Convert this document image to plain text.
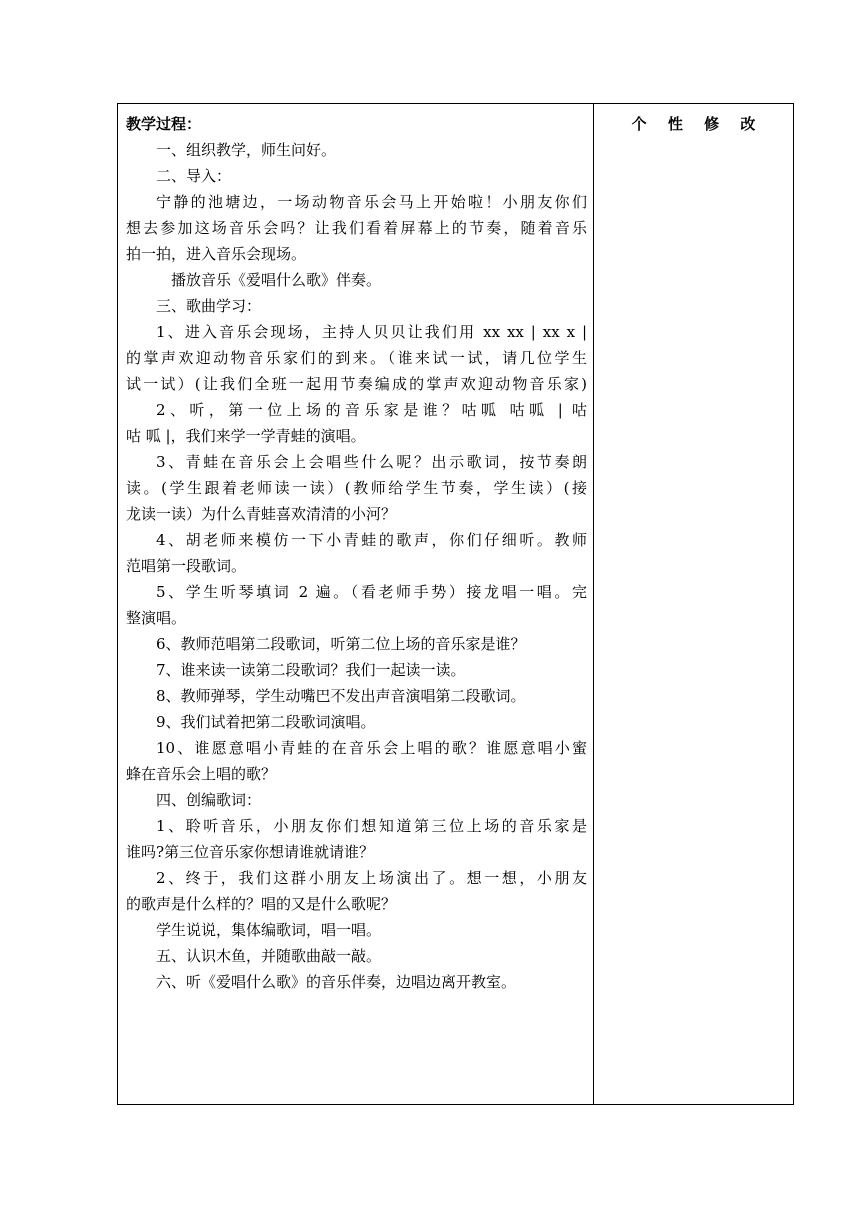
教学过程：
一、组织教学，师生问好。
二、导入：
宁静的池塘边，一场动物音乐会马上开始啦！小朋友你们
想去参加这场音乐会吗？让我们看着屏幕上的节奏，随着音乐
拍一拍，进入音乐会现场。
播放音乐《爱唱什么歌》伴奏。
三、歌曲学习：
1、进入音乐会现场，主持人贝贝让我们用 xx xx | xx x |
的掌声欢迎动物音乐家们的到来。（谁来试一试，请几位学生
试一试）(让我们全班一起用节奏编成的掌声欢迎动物音乐家)
2、听，第一位上场的音乐家是谁？咕呱 咕呱 | 咕
咕 呱 |，我们来学一学青蛙的演唱。
3、青蛙在音乐会上会唱些什么呢？出示歌词，按节奏朗
读。(学生跟着老师读一读）(教师给学生节奏，学生读）(接
龙读一读）为什么青蛙喜欢清清的小河？
4、胡老师来模仿一下小青蛙的歌声，你们仔细听。教师
范唱第一段歌词。
5、学生听琴填词 2 遍。（看老师手势）接龙唱一唱。完
整演唱。
6、教师范唱第二段歌词，听第二位上场的音乐家是谁？
7、谁来读一读第二段歌词？我们一起读一读。
8、教师弹琴，学生动嘴巴不发出声音演唱第二段歌词。
9、我们试着把第二段歌词演唱。
10、谁愿意唱小青蛙的在音乐会上唱的歌？谁愿意唱小蜜
蜂在音乐会上唱的歌？
四、创编歌词：
1、聆听音乐，小朋友你们想知道第三位上场的音乐家是
谁吗?第三位音乐家你想请谁就请谁？
2、终于，我们这群小朋友上场演出了。想一想，小朋友
的歌声是什么样的？唱的又是什么歌呢？
学生说说，集体编歌词，唱一唱。
五、认识木鱼，并随歌曲敲一敲。
六、听《爱唱什么歌》的音乐伴奏，边唱边离开教室。
个 性 修 改
